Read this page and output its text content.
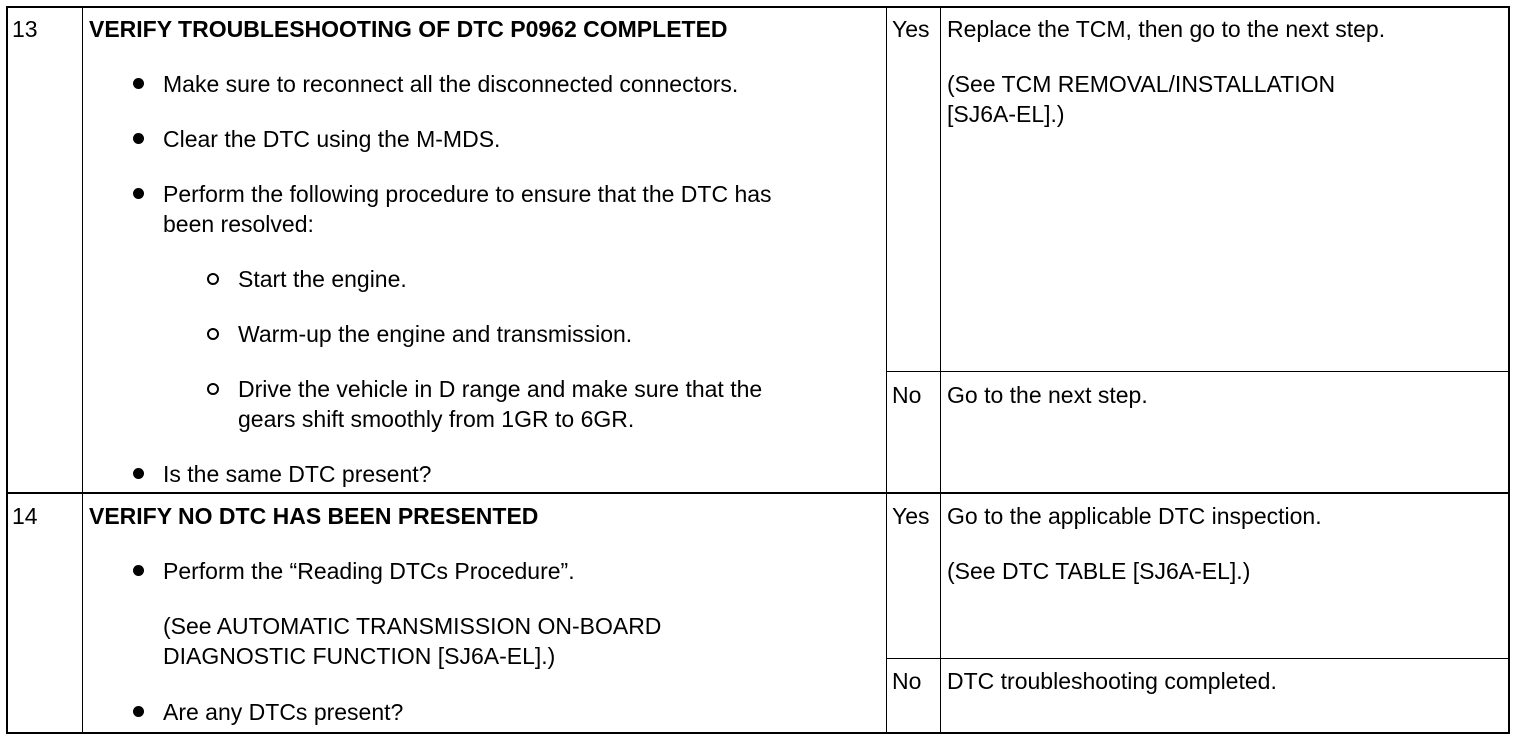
13 VERIFY TROUBLESHOOTING OF DTC P0962 COMPLETED
Make sure to reconnect all the disconnected connectors.
Clear the DTC using the M-MDS.
Perform the following procedure to ensure that the DTC has
been resolved:
Start the engine.
Warm-up the engine and transmission.
Drive the vehicle in D range and make sure that the
gears shift smoothly from 1GR to 6GR.
Is the same DTC present?
Yes Replace the TCM, then go to the next step.
(See TCM REMOVAL/INSTALLATION
[SJ6A-EL].)
No Go to the next step.
14 VERIFY NO DTC HAS BEEN PRESENTED
Perform the “Reading DTCs Procedure”.
(See AUTOMATIC TRANSMISSION ON-BOARD
DIAGNOSTIC FUNCTION [SJ6A-EL].)
Are any DTCs present?
Yes Go to the applicable DTC inspection.
(See DTC TABLE [SJ6A-EL].)
No DTC troubleshooting completed.
